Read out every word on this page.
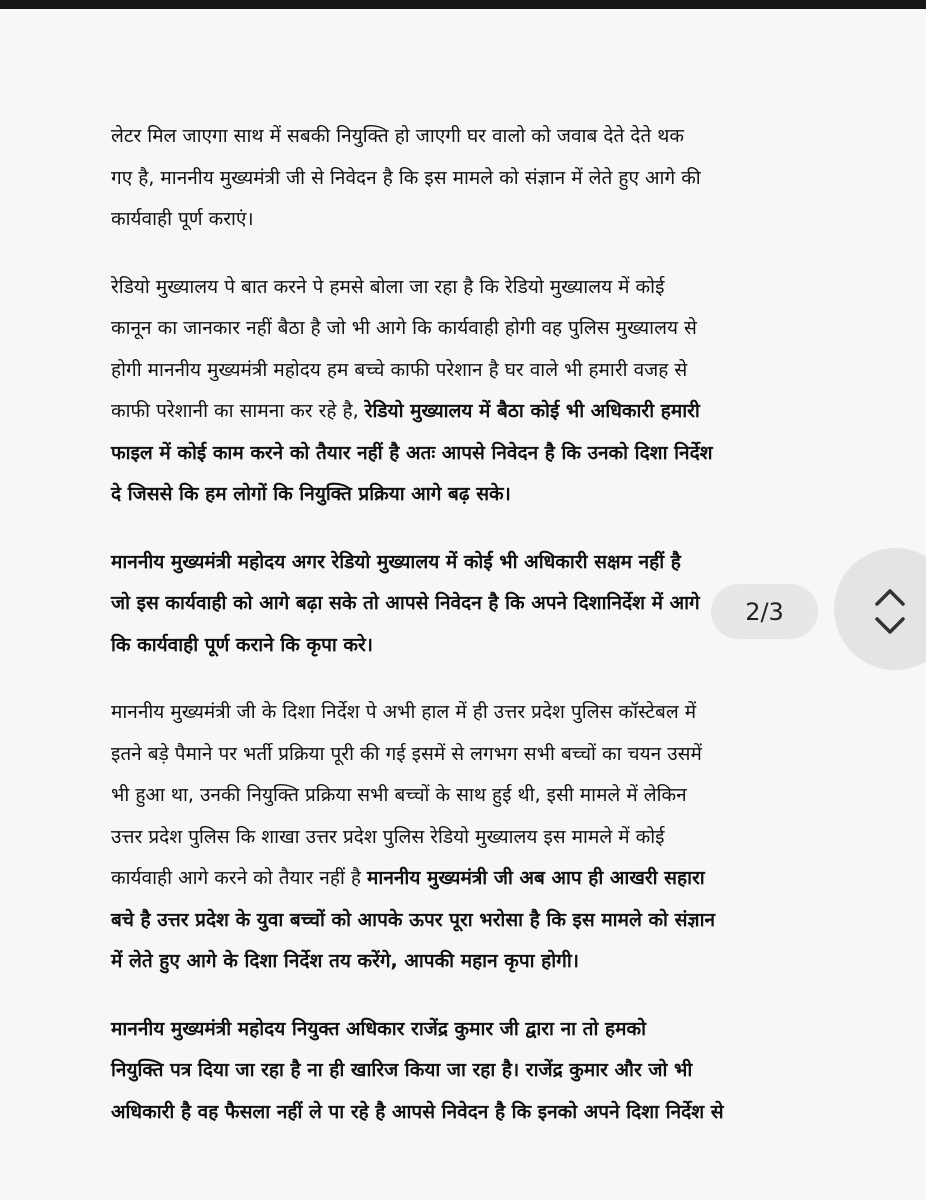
लेटर मिल जाएगा साथ में सबकी नियुक्ति हो जाएगी घर वालो को जवाब देते देते थक

गए है, माननीय मुख्यमंत्री जी से निवेदन है कि इस मामले को संज्ञान में लेते हुए आगे की

कार्यवाही पूर्ण कराएं।

रेडियो मुख्यालय पे बात करने पे हमसे बोला जा रहा है कि रेडियो मुख्यालय में कोई

कानून का जानकार नहीं बैठा है जो भी आगे कि कार्यवाही होगी वह पुलिस मुख्यालय से

होगी माननीय मुख्यमंत्री महोदय हम बच्चे काफी परेशान है घर वाले भी हमारी वजह से

काफी परेशानी का सामना कर रहे है, रेडियो मुख्यालय में बैठा कोई भी अधिकारी हमारी

फाइल में कोई काम करने को तैयार नहीं है अतः आपसे निवेदन है कि उनको दिशा निर्देश

दे जिससे कि हम लोगों कि नियुक्ति प्रक्रिया आगे बढ़ सके।

माननीय मुख्यमंत्री महोदय अगर रेडियो मुख्यालय में कोई भी अधिकारी सक्षम नहीं है

जो इस कार्यवाही को आगे बढ़ा सके तो आपसे निवेदन है कि अपने दिशानिर्देश में आगे

कि कार्यवाही पूर्ण कराने कि कृपा करे।

माननीय मुख्यमंत्री जी के दिशा निर्देश पे अभी हाल में ही उत्तर प्रदेश पुलिस कॉस्टेबल में

इतने बड़े पैमाने पर भर्ती प्रक्रिया पूरी की गई इसमें से लगभग सभी बच्चों का चयन उसमें

भी हुआ था, उनकी नियुक्ति प्रक्रिया सभी बच्चों के साथ हुई थी, इसी मामले में लेकिन

उत्तर प्रदेश पुलिस कि शाखा उत्तर प्रदेश पुलिस रेडियो मुख्यालय इस मामले में कोई

कार्यवाही आगे करने को तैयार नहीं है माननीय मुख्यमंत्री जी अब आप ही आखरी सहारा

बचे है उत्तर प्रदेश के युवा बच्चों को आपके ऊपर पूरा भरोसा है कि इस मामले को संज्ञान

में लेते हुए आगे के दिशा निर्देश तय करेंगे, आपकी महान कृपा होगी।

माननीय मुख्यमंत्री महोदय नियुक्त अधिकार राजेंद्र कुमार जी द्वारा ना तो हमको

नियुक्ति पत्र दिया जा रहा है ना ही खारिज किया जा रहा है। राजेंद्र कुमार और जो भी

अधिकारी है वह फैसला नहीं ले पा रहे है आपसे निवेदन है कि इनको अपने दिशा निर्देश से

2/3
